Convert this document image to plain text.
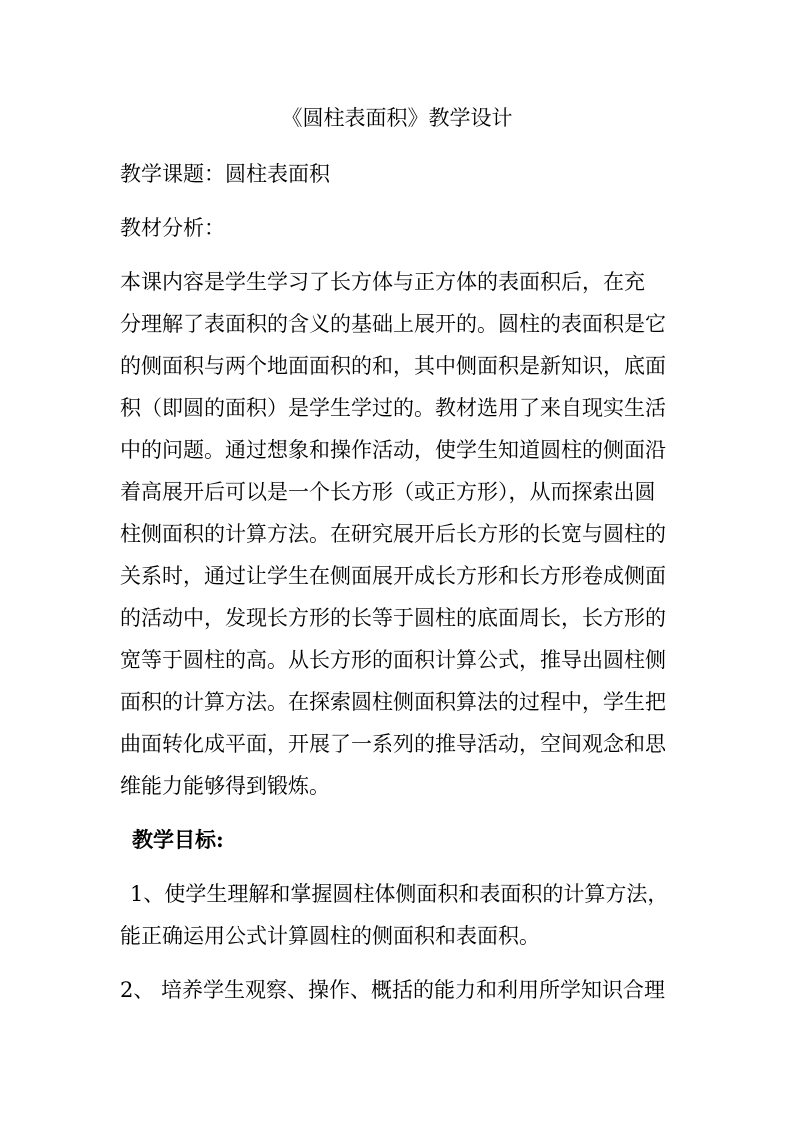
《圆柱表面积》教学设计
教学课题：圆柱表面积
教材分析：
本课内容是学生学习了长方体与正方体的表面积后，在充
分理解了表面积的含义的基础上展开的。圆柱的表面积是它
的侧面积与两个地面面积的和，其中侧面积是新知识，底面
积（即圆的面积）是学生学过的。教材选用了来自现实生活
中的问题。通过想象和操作活动，使学生知道圆柱的侧面沿
着高展开后可以是一个长方形（或正方形），从而探索出圆
柱侧面积的计算方法。在研究展开后长方形的长宽与圆柱的
关系时，通过让学生在侧面展开成长方形和长方形卷成侧面
的活动中，发现长方形的长等于圆柱的底面周长，长方形的
宽等于圆柱的高。从长方形的面积计算公式，推导出圆柱侧
面积的计算方法。在探索圆柱侧面积算法的过程中，学生把
曲面转化成平面，开展了一系列的推导活动，空间观念和思
维能力能够得到锻炼。
教学目标:
1、使学生理解和掌握圆柱体侧面积和表面积的计算方法，
能正确运用公式计算圆柱的侧面积和表面积。
2、 培养学生观察、操作、概括的能力和利用所学知识合理
